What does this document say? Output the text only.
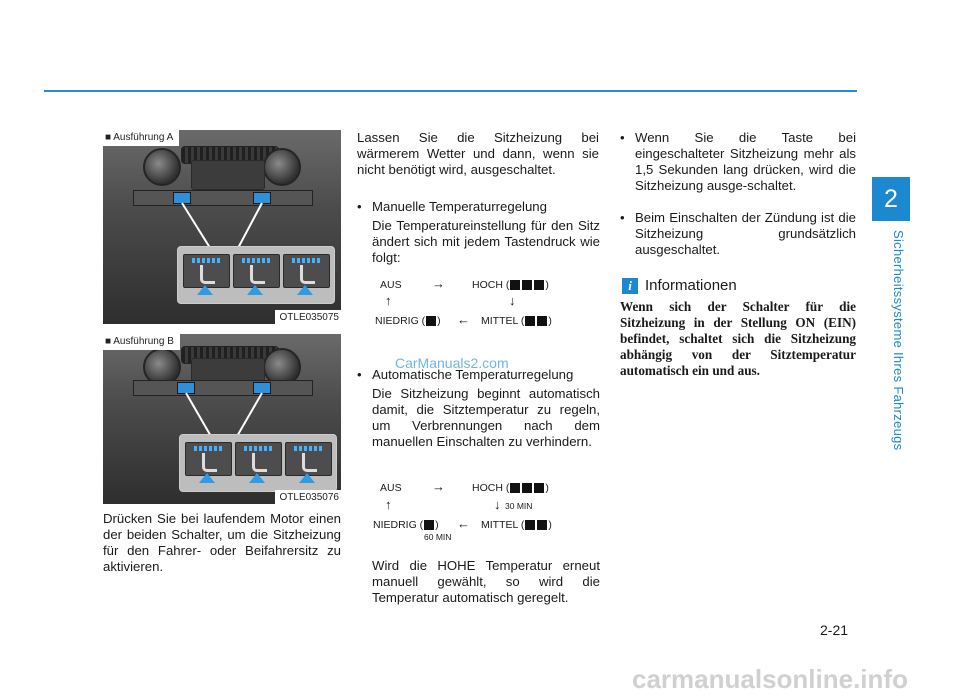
2
Sicherheitssysteme Ihres Fahrzeugs
2-21
■ Ausführung A
OTLE035075
■ Ausführung B
OTLE035076
Drücken Sie bei laufendem Motor einen der beiden Schalter, um die Sitzheizung für den Fahrer- oder Beifahrersitz zu aktivieren.
Lassen Sie die Sitzheizung bei wärmerem Wetter und dann, wenn sie nicht benötigt wird, ausgeschaltet.
• Manuelle Temperaturregelung
Die Temperatureinstellung für den Sitz ändert sich mit jedem Tastendruck wie folgt:
AUS →	HOCH (	)
↑	↓
NIEDRIG ( ) ← MITTEL ( )
• Automatische Temperaturregelung
Die Sitzheizung beginnt automatisch damit, die Sitztemperatur zu regeln, um Verbrennungen nach dem manuellen Einschalten zu verhindern.
AUS →	HOCH (	)
↑	↓ 30 MIN
NIEDRIG ( ) ← MITTEL ( )
60 MIN
Wird die HOHE Temperatur erneut manuell gewählt, so wird die Temperatur automatisch geregelt.
• Wenn Sie die Taste bei eingeschalteter Sitzheizung mehr als 1,5 Sekunden lang drücken, wird die Sitzheizung ausge-schaltet.
• Beim Einschalten der Zündung ist die Sitzheizung grundsätzlich ausgeschaltet.
i Informationen
Wenn sich der Schalter für die Sitzheizung in der Stellung ON (EIN) befindet, schaltet sich die Sitzheizung abhängig von der Sitztemperatur automatisch ein und aus.
CarManuals2.com
carmanualsonline.info
